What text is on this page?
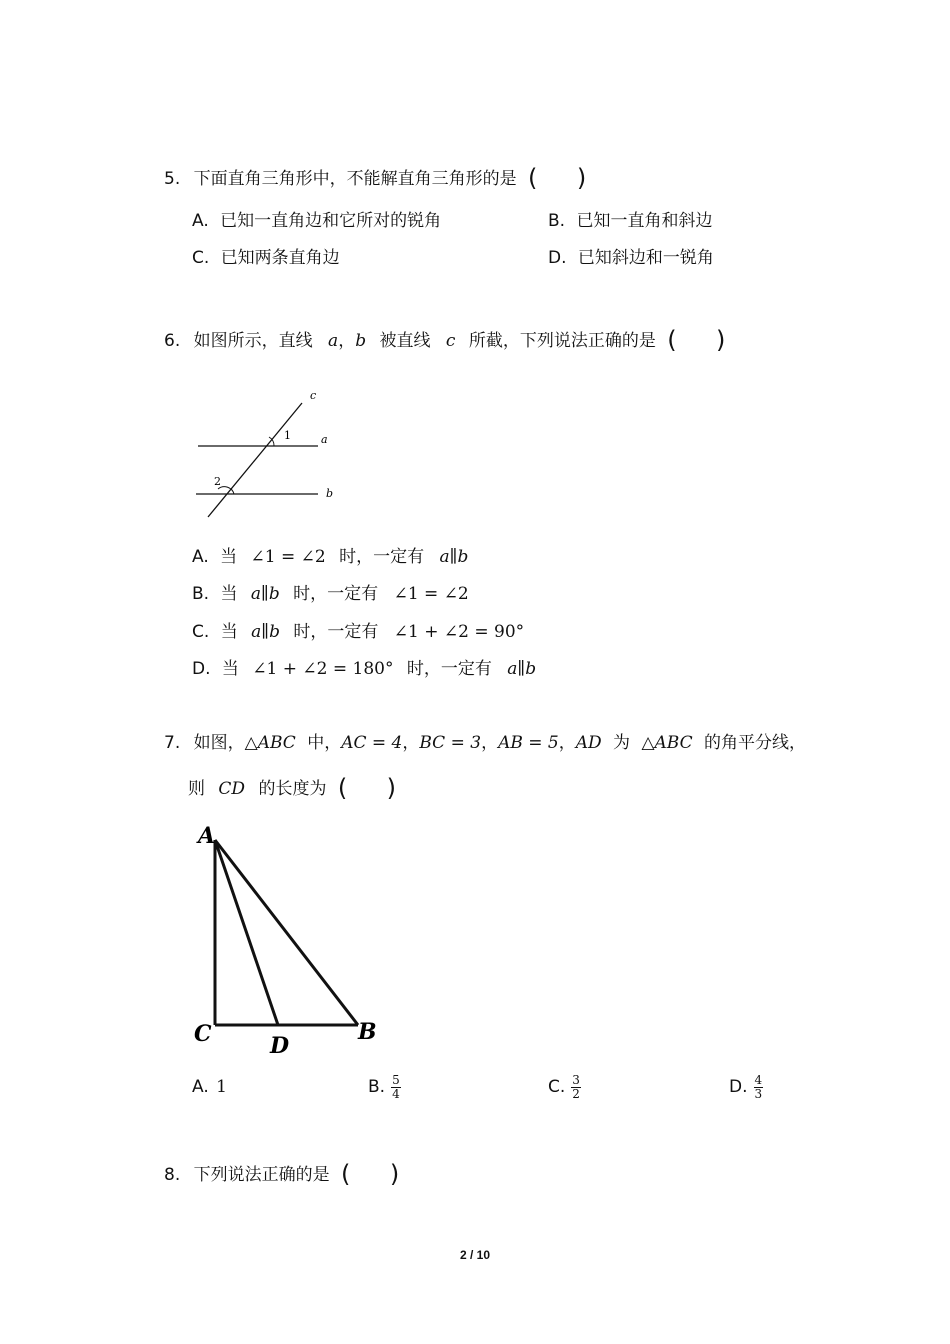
5. 下面直角三角形中，不能解直角三角形的是 ( )
A. 已知一直角边和它所对的锐角	B. 已知一直角和斜边
C. 已知两条直角边	D. 已知斜边和一锐角
6. 如图所示，直线 a，b 被直线 c 所截，下列说法正确的是 ( )
c
a
b
1
2
A. 当 ∠1 = ∠2 时，一定有 a∥b
B. 当 a∥b 时，一定有 ∠1 = ∠2
C. 当 a∥b 时，一定有 ∠1 + ∠2 = 90°
D. 当 ∠1 + ∠2 = 180° 时，一定有 a∥b
7. 如图，△ABC 中，AC = 4，BC = 3，AB = 5，AD 为 △ABC 的角平分线，
则 CD 的长度为 ( )
A
C	B
D
A. 1	B. $\frac{5}{4}$	C. $\frac{3}{2}$	D. $\frac{4}{3}$
8. 下列说法正确的是 ( )
2 / 10
